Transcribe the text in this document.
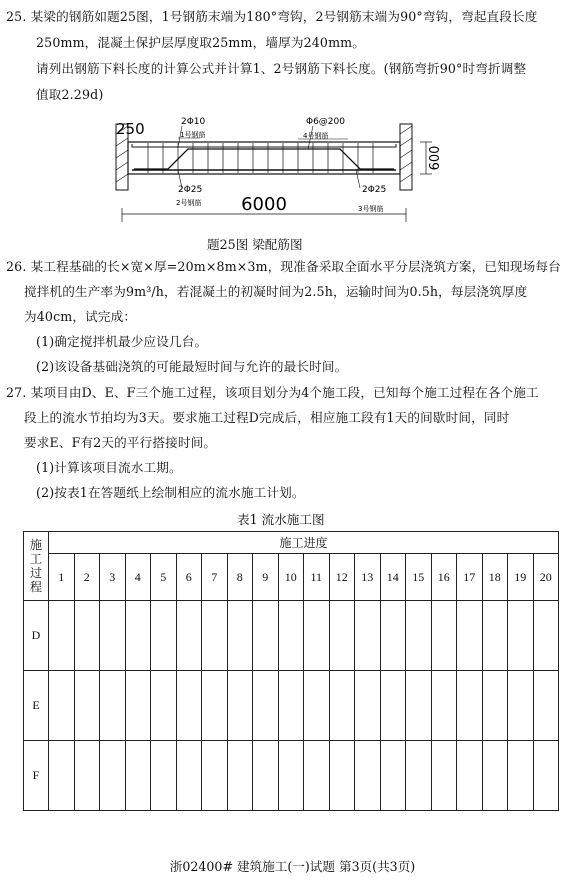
25. 某梁的钢筋如题25图，1号钢筋末端为180°弯钩，2号钢筋末端为90°弯钩，弯起直段长度
250mm，混凝土保护层厚度取25mm，墙厚为240mm。
请列出钢筋下料长度的计算公式并计算1、2号钢筋下料长度。(钢筋弯折90°时弯折调整
值取2.29d)
250	2Φ10
1号钢筋
Φ6@200
4号钢筋
600
2Φ25
2号钢筋 6000
2Φ25
3号钢筋
题25图 梁配筋图
26. 某工程基础的长×宽×厚=20m×8m×3m，现准备采取全面水平分层浇筑方案，已知现场每台
搅拌机的生产率为9m³/h，若混凝土的初凝时间为2.5h，运输时间为0.5h，每层浇筑厚度
为40cm，试完成：
(1)确定搅拌机最少应设几台。
(2)该设备基础浇筑的可能最短时间与允许的最长时间。
27. 某项目由D、E、F三个施工过程，该项目划分为4个施工段，已知每个施工过程在各个施工
段上的流水节拍均为3天。要求施工过程D完成后，相应施工段有1天的间歇时间，同时
要求E、F有2天的平行搭接时间。
(1)计算该项目流水工期。
(2)按表1在答题纸上绘制相应的流水施工计划。
表1 流水施工图
施
工
过
程	施工进度																			
	1	2	3	4	5	6	7	8	9	10	11	12	13	14	15	16	17	18	19	20
D																				
E																				
F																				
浙02400# 建筑施工(一)试题 第3页(共3页)
